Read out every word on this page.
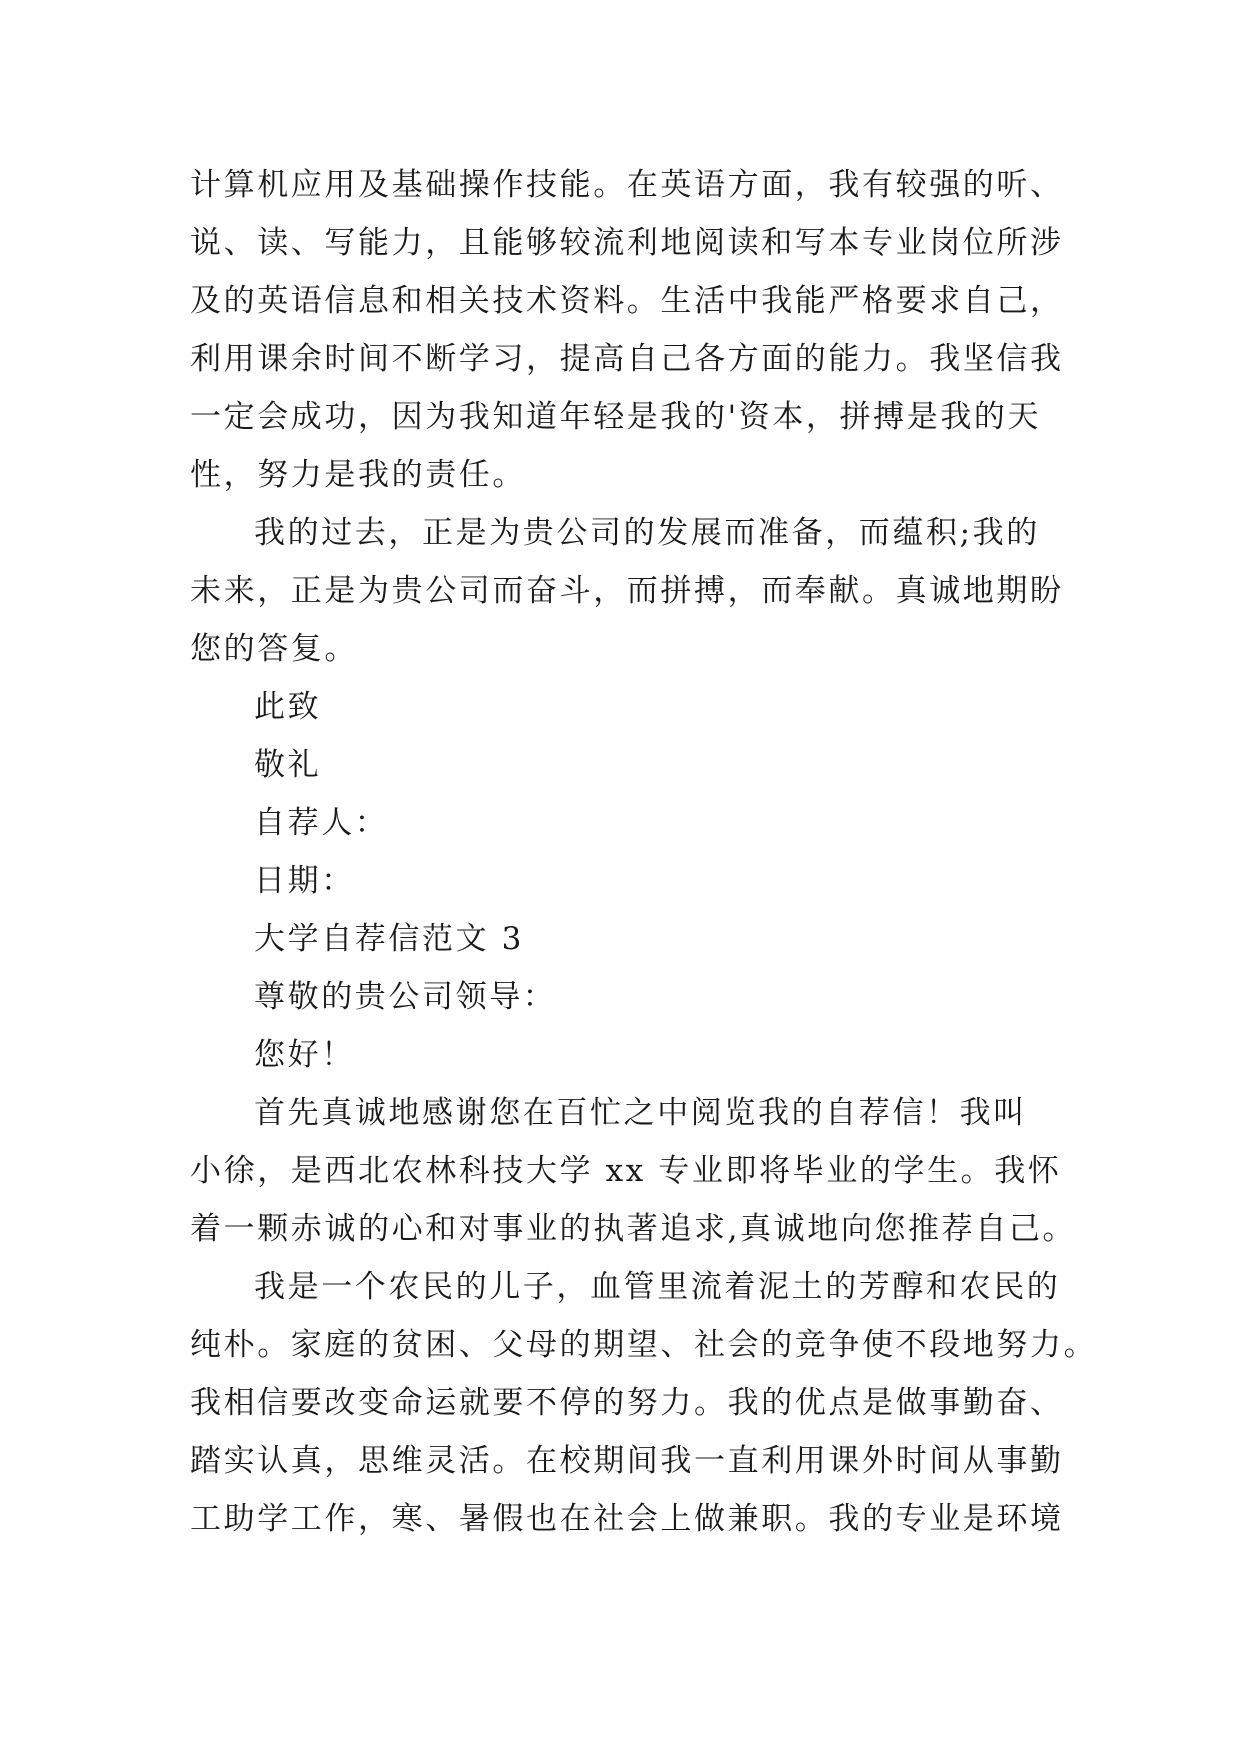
计算机应用及基础操作技能。在英语方面，我有较强的听、
说、读、写能力，且能够较流利地阅读和写本专业岗位所涉
及的英语信息和相关技术资料。生活中我能严格要求自己，
利用课余时间不断学习，提高自己各方面的能力。我坚信我
一定会成功，因为我知道年轻是我的'资本，拼搏是我的天
性，努力是我的责任。
我的过去，正是为贵公司的发展而准备，而蕴积;我的
未来，正是为贵公司而奋斗，而拼搏，而奉献。真诚地期盼
您的答复。
此致
敬礼
自荐人：
日期：
大学自荐信范文 3
尊敬的贵公司领导：
您好！
首先真诚地感谢您在百忙之中阅览我的自荐信！我叫
小徐，是西北农林科技大学 xx 专业即将毕业的学生。我怀
着一颗赤诚的心和对事业的执著追求,真诚地向您推荐自己。
我是一个农民的儿子，血管里流着泥土的芳醇和农民的
纯朴。家庭的贫困、父母的期望、社会的竞争使不段地努力。
我相信要改变命运就要不停的努力。我的优点是做事勤奋、
踏实认真，思维灵活。在校期间我一直利用课外时间从事勤
工助学工作，寒、暑假也在社会上做兼职。我的专业是环境
